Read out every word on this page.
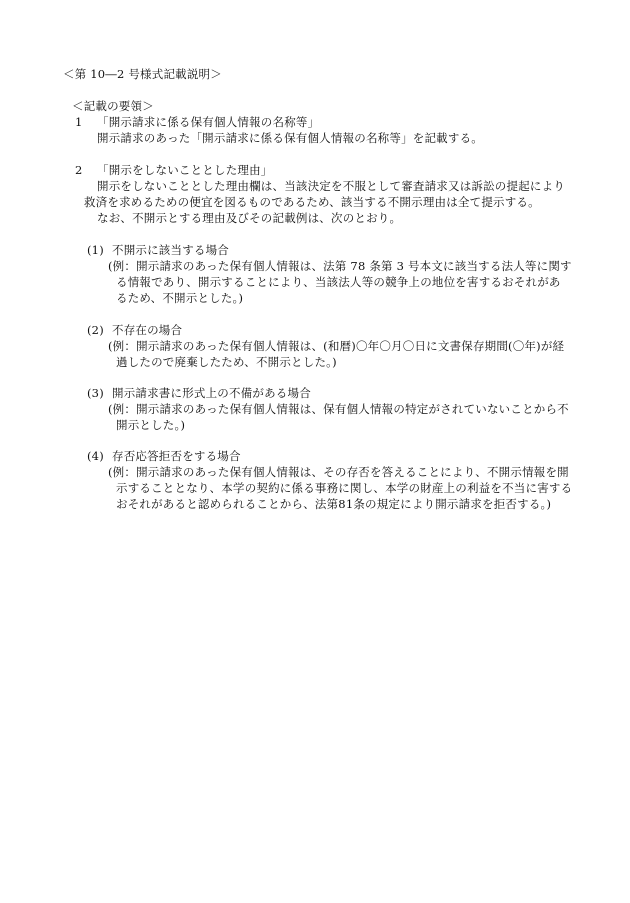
＜第 10―2 号様式記載説明＞
＜記載の要領＞
1 「開示請求に係る保有個人情報の名称等」
開示請求のあった「開示請求に係る保有個人情報の名称等」を記載する。
2 「開示をしないこととした理由」
開示をしないこととした理由欄は、当該決定を不服として審査請求又は訴訟の提起により
救済を求めるための便宜を図るものであるため、該当する不開示理由は全て提示する。
なお、不開示とする理由及びその記載例は、次のとおり。
(1) 不開示に該当する場合
(例：開示請求のあった保有個人情報は、法第 78 条第 3 号本文に該当する法人等に関す
る情報であり、開示することにより、当該法人等の競争上の地位を害するおそれがあ
るため、不開示とした。)
(2) 不存在の場合
(例：開示請求のあった保有個人情報は、(和暦)〇年〇月〇日に文書保存期間(〇年)が経
過したので廃棄したため、不開示とした。)
(3) 開示請求書に形式上の不備がある場合
(例：開示請求のあった保有個人情報は、保有個人情報の特定がされていないことから不
開示とした。)
(4) 存否応答拒否をする場合
(例：開示請求のあった保有個人情報は、その存否を答えることにより、不開示情報を開
示することとなり、本学の契約に係る事務に関し、本学の財産上の利益を不当に害する
おそれがあると認められることから、法第81条の規定により開示請求を拒否する。)
